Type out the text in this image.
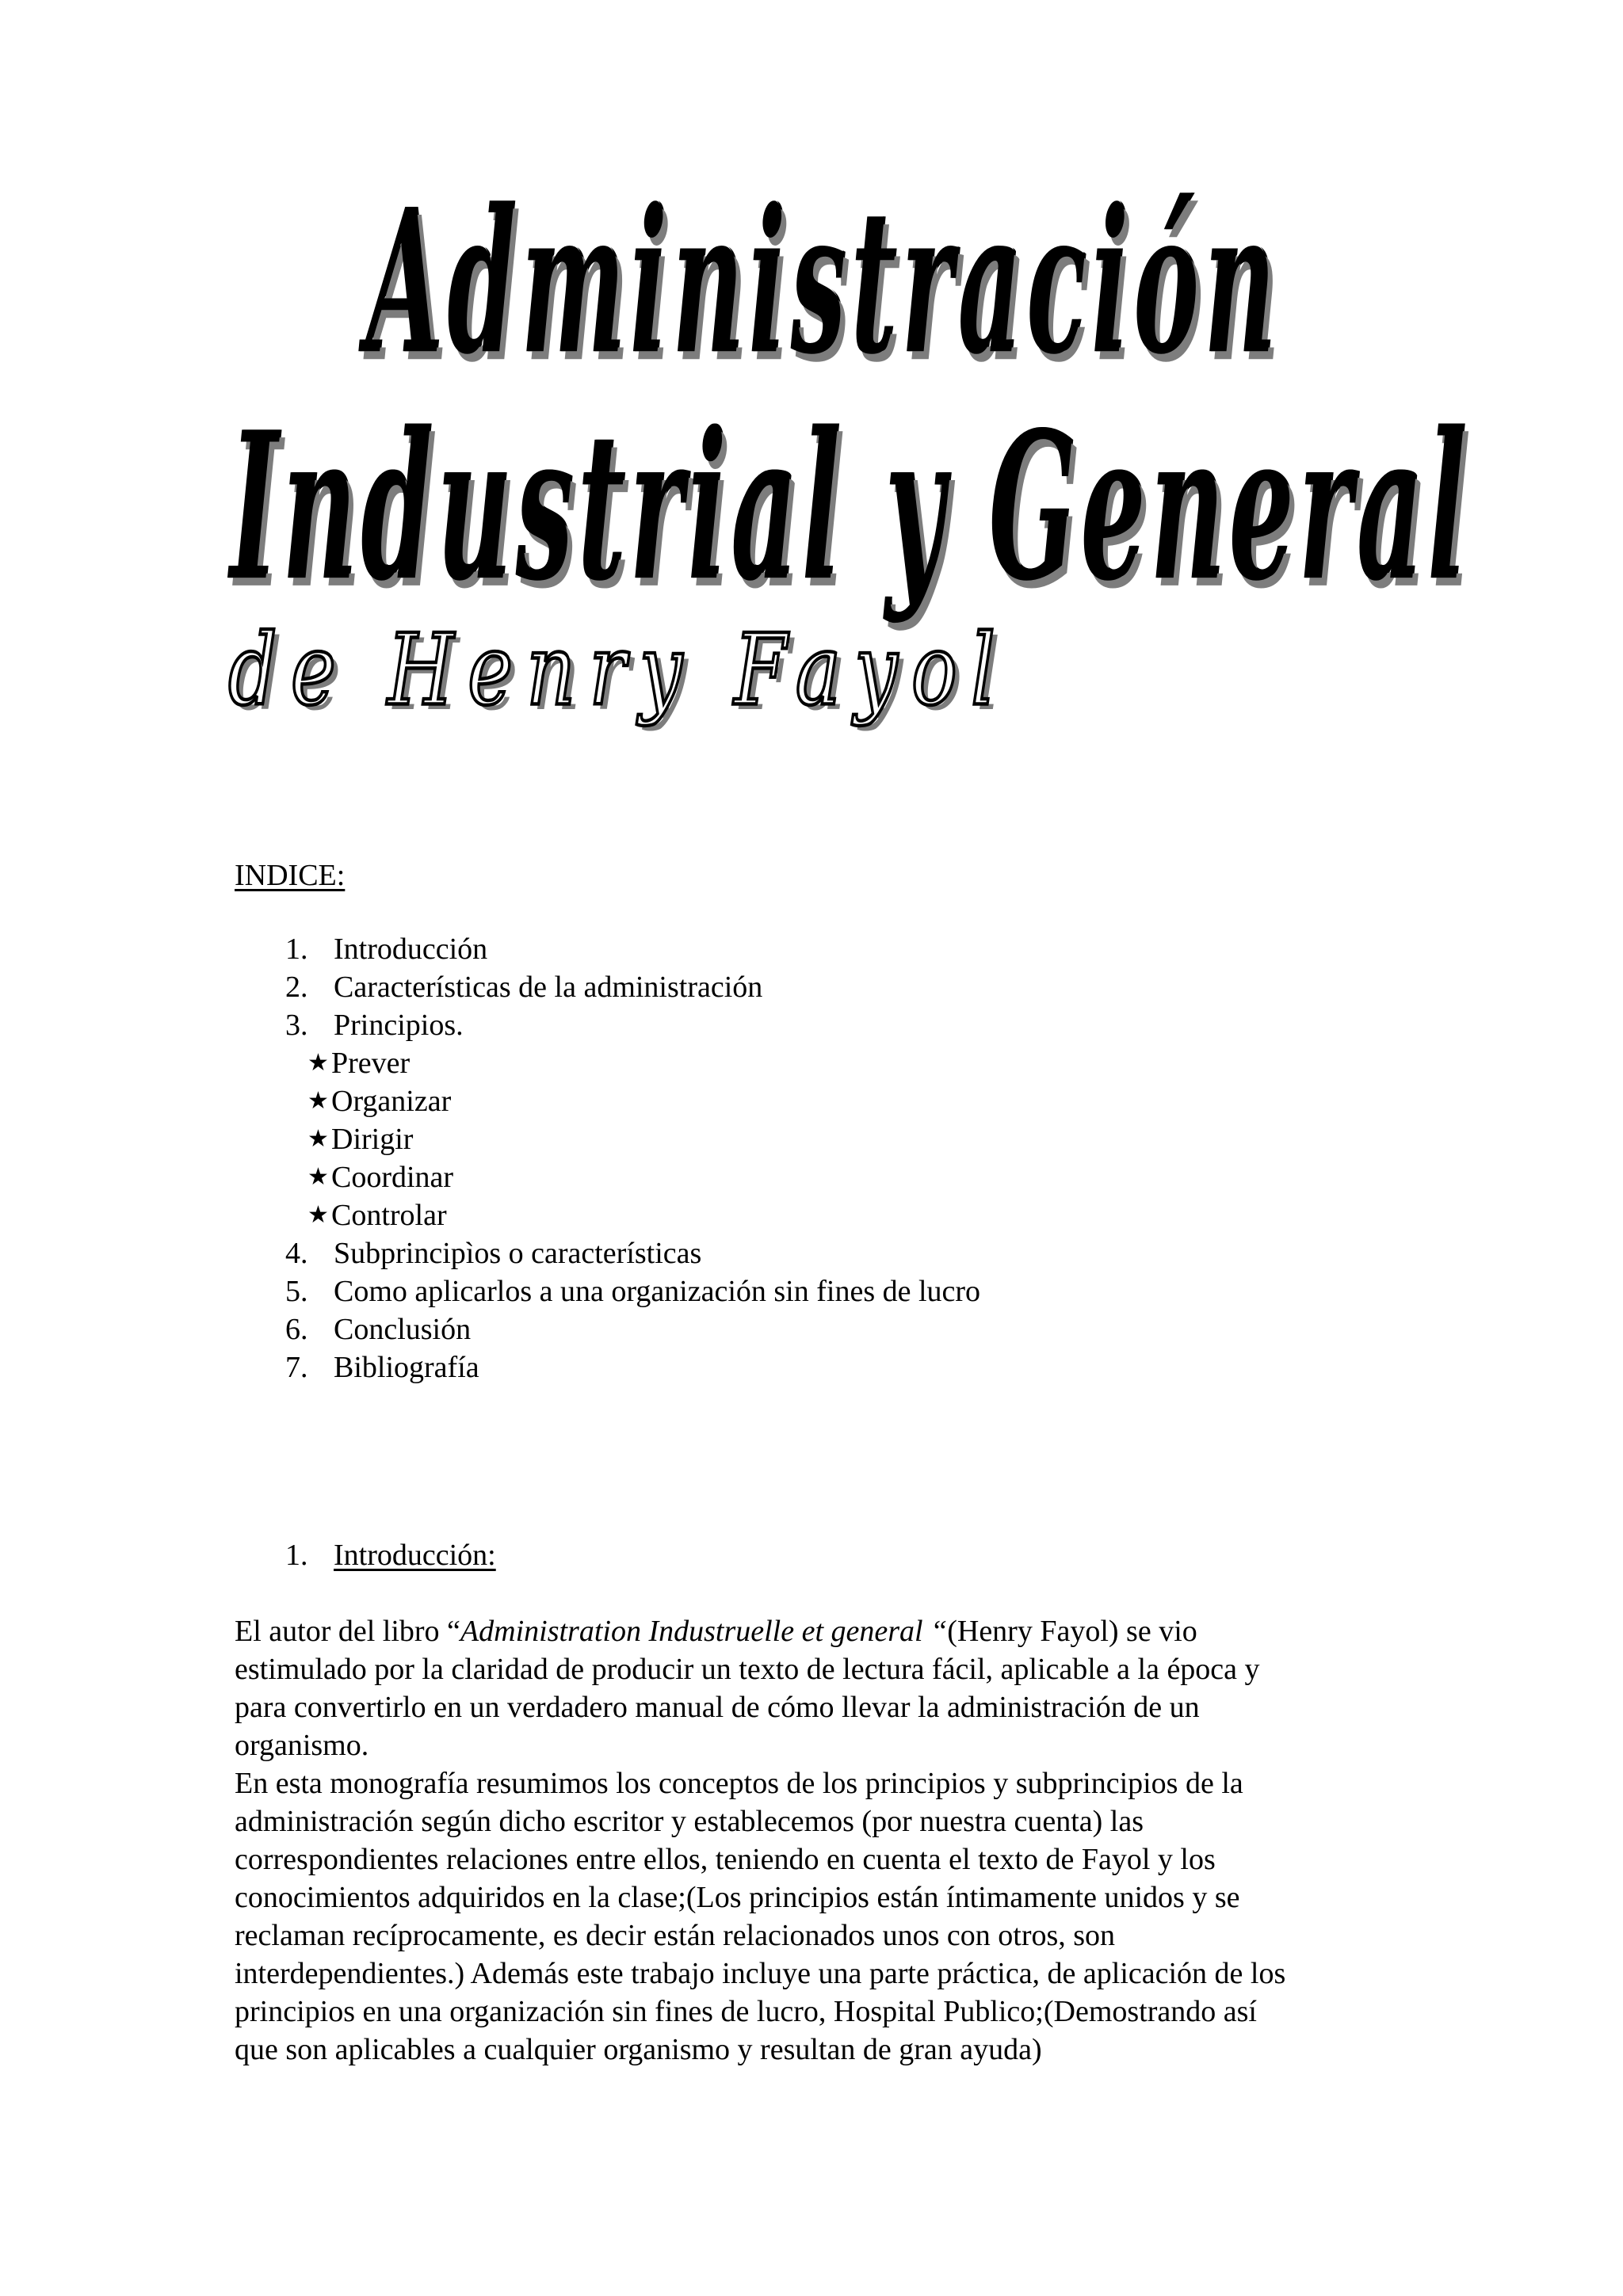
Administración
Industrial y General
de Henry Fayol

INDICE:

1. Introducción
2. Características de la administración
3. Principios.
★ Prever
★ Organizar
★ Dirigir
★ Coordinar
★ Controlar
4. Subprincipìos o características
5. Como aplicarlos a una organización sin fines de lucro
6. Conclusión
7. Bibliografía
1. Introducción:
El autor del libro “Administration Industruelle et general “(Henry Fayol) se vio
estimulado por la claridad de producir un texto de lectura fácil, aplicable a la época y
para convertirlo en un verdadero manual de cómo llevar la administración de un
organismo.
En esta monografía resumimos los conceptos de los principios y subprincipios de la
administración según dicho escritor y establecemos (por nuestra cuenta) las
correspondientes relaciones entre ellos, teniendo en cuenta el texto de Fayol y los
conocimientos adquiridos en la clase;(Los principios están íntimamente unidos y se
reclaman recíprocamente, es decir están relacionados unos con otros, son
interdependientes.) Además este trabajo incluye una parte práctica, de aplicación de los
principios en una organización sin fines de lucro, Hospital Publico;(Demostrando así
que son aplicables a cualquier organismo y resultan de gran ayuda)
